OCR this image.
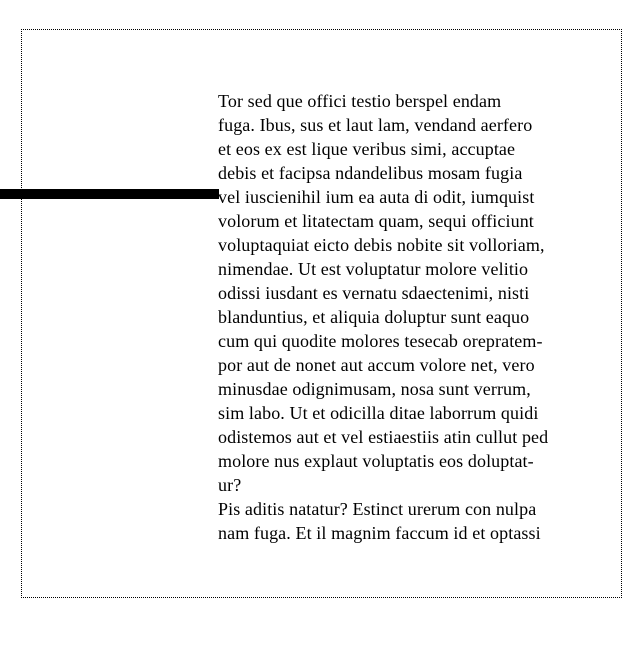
Tor sed que offici testio berspel endam
fuga. Ibus, sus et laut lam, vendand aerfero
et eos ex est lique veribus simi, accuptae
debis et facipsa ndandelibus mosam fugia
vel iuscienihil ium ea auta di odit, iumquist
volorum et litatectam quam, sequi officiunt
voluptaquiat eicto debis nobite sit volloriam,
nimendae. Ut est voluptatur molore velitio
odissi iusdant es vernatu sdaectenimi, nisti
blanduntius, et aliquia doluptur sunt eaquo
cum qui quodite molores tesecab orepratem-
por aut de nonet aut accum volore net, vero
minusdae odignimusam, nosa sunt verrum,
sim labo. Ut et odicilla ditae laborrum quidi
odistemos aut et vel estiaestiis atin cullut ped
molore nus explaut voluptatis eos doluptat-
ur?
Pis aditis natatur? Estinct urerum con nulpa
nam fuga. Et il magnim faccum id et optassi
